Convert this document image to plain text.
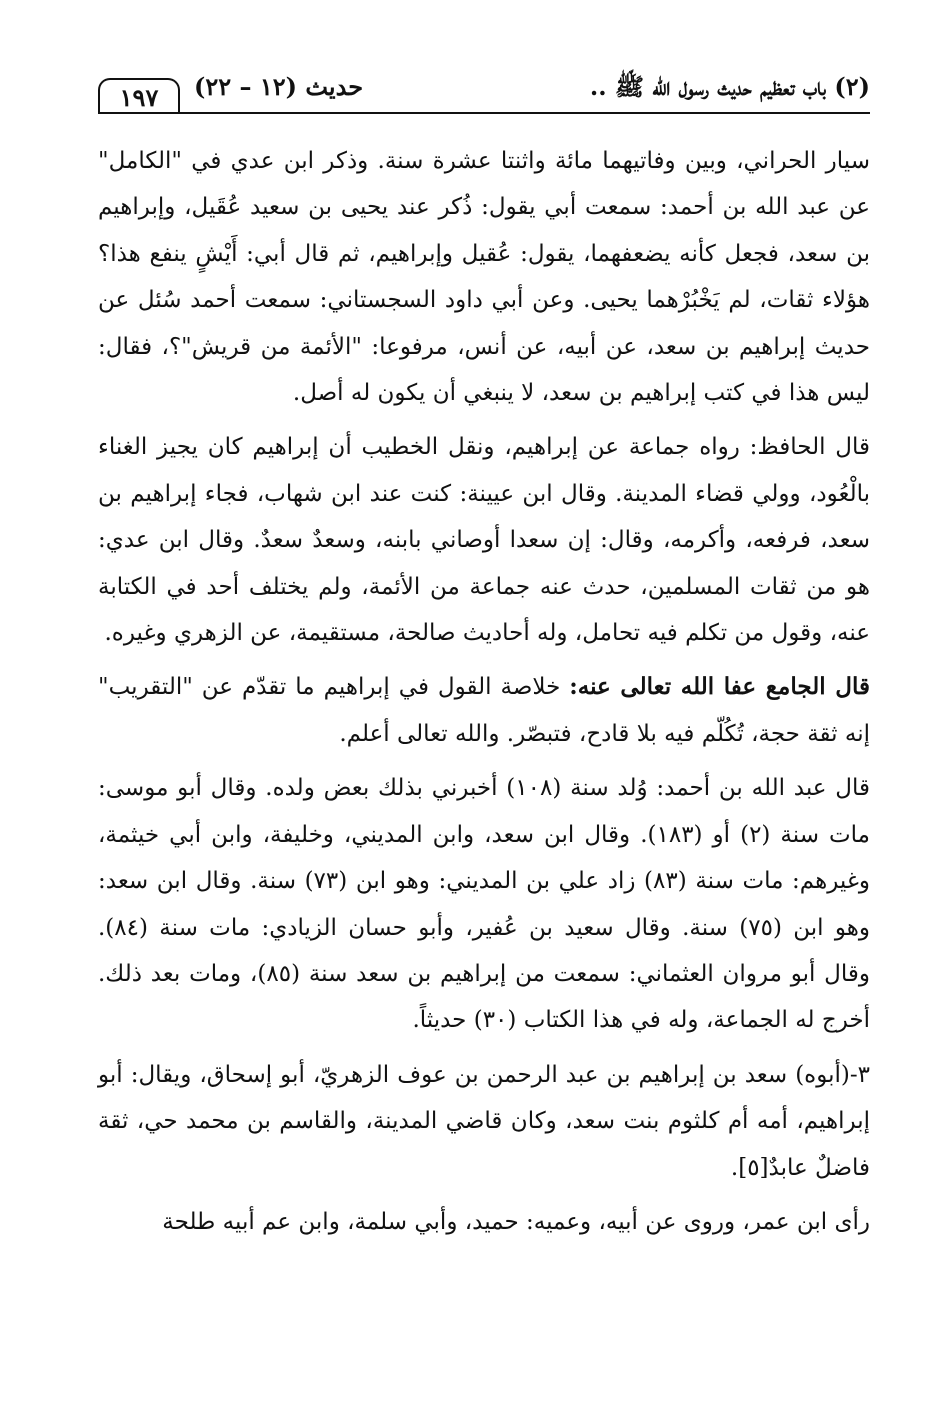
(٢) باب تعظيم حديث رسول الله ﷺ ..
حديث (١٢ – ٢٢)
١٩٧

سيار الحراني، وبين وفاتيهما مائة واثنتا عشرة سنة. وذكر ابن عدي في "الكامل" عن عبد الله بن أحمد: سمعت أبي يقول: ذُكر عند يحيى بن سعيد عُقَيل، وإبراهيم بن سعد، فجعل كأنه يضعفهما، يقول: عُقيل وإبراهيم، ثم قال أبي: أَيْشٍ ينفع هذا؟ هؤلاء ثقات، لم يَخْبُرْهما يحيى. وعن أبي داود السجستاني: سمعت أحمد سُئل عن حديث إبراهيم بن سعد، عن أبيه، عن أنس، مرفوعا: "الأئمة من قريش"؟، فقال: ليس هذا في كتب إبراهيم بن سعد، لا ينبغي أن يكون له أصل.

قال الحافظ: رواه جماعة عن إبراهيم، ونقل الخطيب أن إبراهيم كان يجيز الغناء بالْعُود، وولي قضاء المدينة. وقال ابن عيينة: كنت عند ابن شهاب، فجاء إبراهيم بن سعد، فرفعه، وأكرمه، وقال: إن سعدا أوصاني بابنه، وسعدٌ سعدٌ. وقال ابن عدي: هو من ثقات المسلمين، حدث عنه جماعة من الأئمة، ولم يختلف أحد في الكتابة عنه، وقول من تكلم فيه تحامل، وله أحاديث صالحة، مستقيمة، عن الزهري وغيره.

قال الجامع عفا الله تعالى عنه: خلاصة القول في إبراهيم ما تقدّم عن "التقريب" إنه ثقة حجة، تُكُلّم فيه بلا قادح، فتبصّر. والله تعالى أعلم.

قال عبد الله بن أحمد: وُلد سنة (١٠٨) أخبرني بذلك بعض ولده. وقال أبو موسى: مات سنة (٢) أو (١٨٣). وقال ابن سعد، وابن المديني، وخليفة، وابن أبي خيثمة، وغيرهم: مات سنة (٨٣) زاد علي بن المديني: وهو ابن (٧٣) سنة. وقال ابن سعد: وهو ابن (٧٥) سنة. وقال سعيد بن عُفير، وأبو حسان الزيادي: مات سنة (٨٤). وقال أبو مروان العثماني: سمعت من إبراهيم بن سعد سنة (٨٥)، ومات بعد ذلك. أخرج له الجماعة، وله في هذا الكتاب (٣٠) حديثاً.

٣-(أبوه) سعد بن إبراهيم بن عبد الرحمن بن عوف الزهريّ، أبو إسحاق، ويقال: أبو إبراهيم، أمه أم كلثوم بنت سعد، وكان قاضي المدينة، والقاسم بن محمد حي، ثقة فاضلٌ عابدٌ[٥].

رأى ابن عمر، وروى عن أبيه، وعميه: حميد، وأبي سلمة، وابن عم أبيه طلحة
